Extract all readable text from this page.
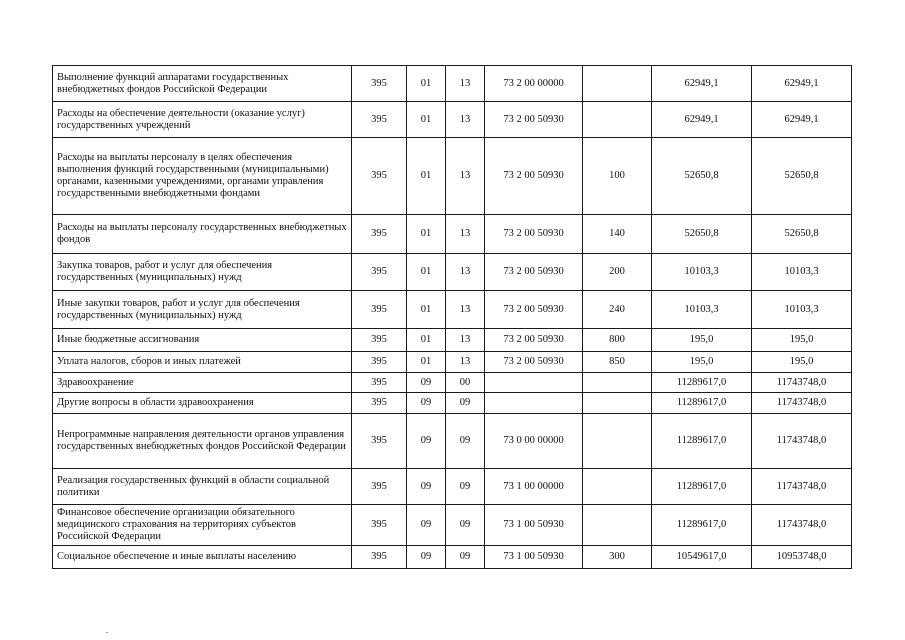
Выполнение функций аппаратами государственных внебюджетных фондов Российской Федерации	395	01	13	73 2 00 00000		62949,1	62949,1
Расходы на обеспечение деятельности (оказание услуг) государственных учреждений	395	01	13	73 2 00 50930		62949,1	62949,1
Расходы на выплаты персоналу в целях обеспечения выполнения функций государственными (муниципальными) органами, казенными учреждениями, органами управления государственными внебюджетными фондами	395	01	13	73 2 00 50930	100	52650,8	52650,8
Расходы на выплаты персоналу государственных внебюджетных фондов	395	01	13	73 2 00 50930	140	52650,8	52650,8
Закупка товаров, работ и услуг для обеспечения государственных (муниципальных) нужд	395	01	13	73 2 00 50930	200	10103,3	10103,3
Иные закупки товаров, работ и услуг для обеспечения государственных (муниципальных) нужд	395	01	13	73 2 00 50930	240	10103,3	10103,3
Иные бюджетные ассигнования	395	01	13	73 2 00 50930	800	195,0	195,0
Уплата налогов, сборов и иных платежей	395	01	13	73 2 00 50930	850	195,0	195,0
Здравоохранение	395	09	00			11289617,0	11743748,0
Другие вопросы в области здравоохранения	395	09	09			11289617,0	11743748,0
Непрограммные направления деятельности органов управления государственных внебюджетных фондов Российской Федерации	395	09	09	73 0 00 00000		11289617,0	11743748,0
Реализация государственных функций в области социальной политики	395	09	09	73 1 00 00000		11289617,0	11743748,0
Финансовое обеспечение организации обязательного медицинского страхования на территориях субъектов Российской Федерации	395	09	09	73 1 00 50930		11289617,0	11743748,0
Социальное обеспечение и иные выплаты населению	395	09	09	73 1 00 50930	300	10549617,0	10953748,0
